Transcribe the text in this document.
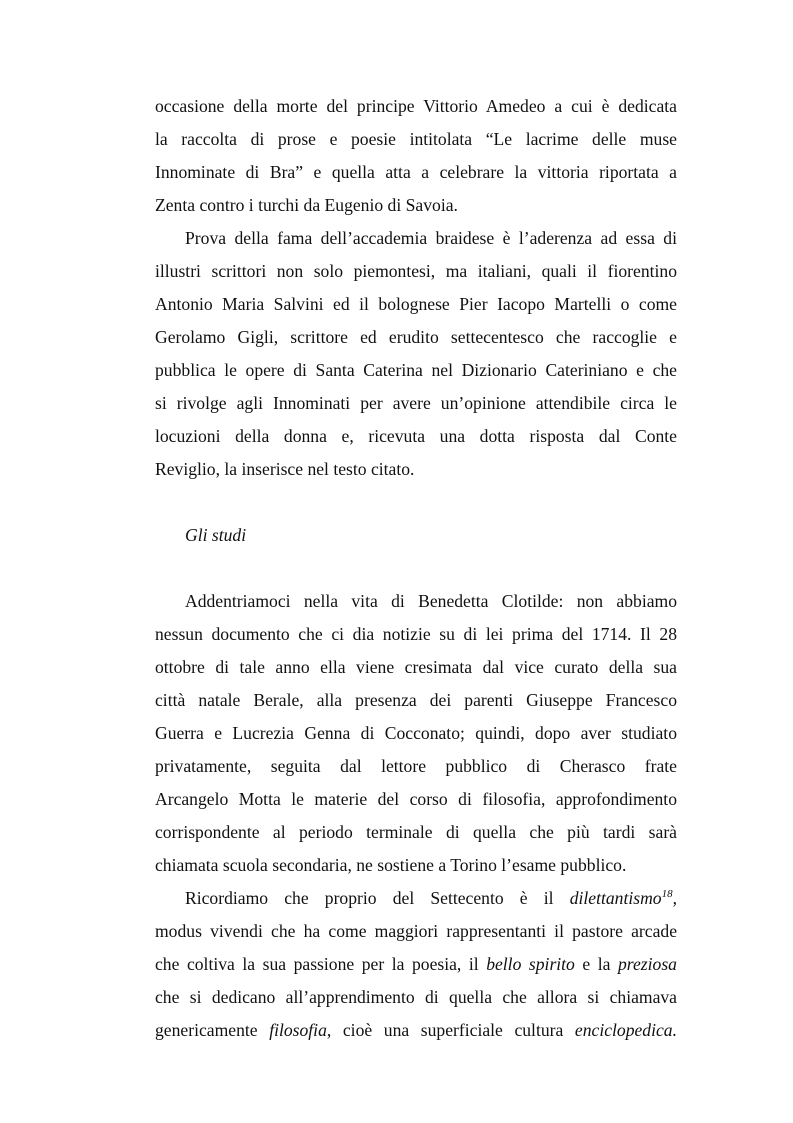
occasione della morte del principe Vittorio Amedeo a cui è dedicata
la raccolta di prose e poesie intitolata “Le lacrime delle muse
Innominate di Bra” e quella atta a celebrare la vittoria riportata a
Zenta contro i turchi da Eugenio di Savoia.
Prova della fama dell’accademia braidese è l’aderenza ad essa di
illustri scrittori non solo piemontesi, ma italiani, quali il fiorentino
Antonio Maria Salvini ed il bolognese Pier Iacopo Martelli o come
Gerolamo Gigli, scrittore ed erudito settecentesco che raccoglie e
pubblica le opere di Santa Caterina nel Dizionario Cateriniano e che
si rivolge agli Innominati per avere un’opinione attendibile circa le
locuzioni della donna e, ricevuta una dotta risposta dal Conte
Reviglio, la inserisce nel testo citato.
Gli studi
Addentriamoci nella vita di Benedetta Clotilde: non abbiamo
nessun documento che ci dia notizie su di lei prima del 1714. Il 28
ottobre di tale anno ella viene cresimata dal vice curato della sua
città natale Berale, alla presenza dei parenti Giuseppe Francesco
Guerra e Lucrezia Genna di Cocconato; quindi, dopo aver studiato
privatamente, seguita dal lettore pubblico di Cherasco frate
Arcangelo Motta le materie del corso di filosofia, approfondimento
corrispondente al periodo terminale di quella che più tardi sarà
chiamata scuola secondaria, ne sostiene a Torino l’esame pubblico.
Ricordiamo che proprio del Settecento è il dilettantismo$^{18}$,
modus vivendi che ha come maggiori rappresentanti il pastore arcade
che coltiva la sua passione per la poesia, il bello spirito e la preziosa
che si dedicano all’apprendimento di quella che allora si chiamava
genericamente filosofia, cioè una superficiale cultura enciclopedica.
